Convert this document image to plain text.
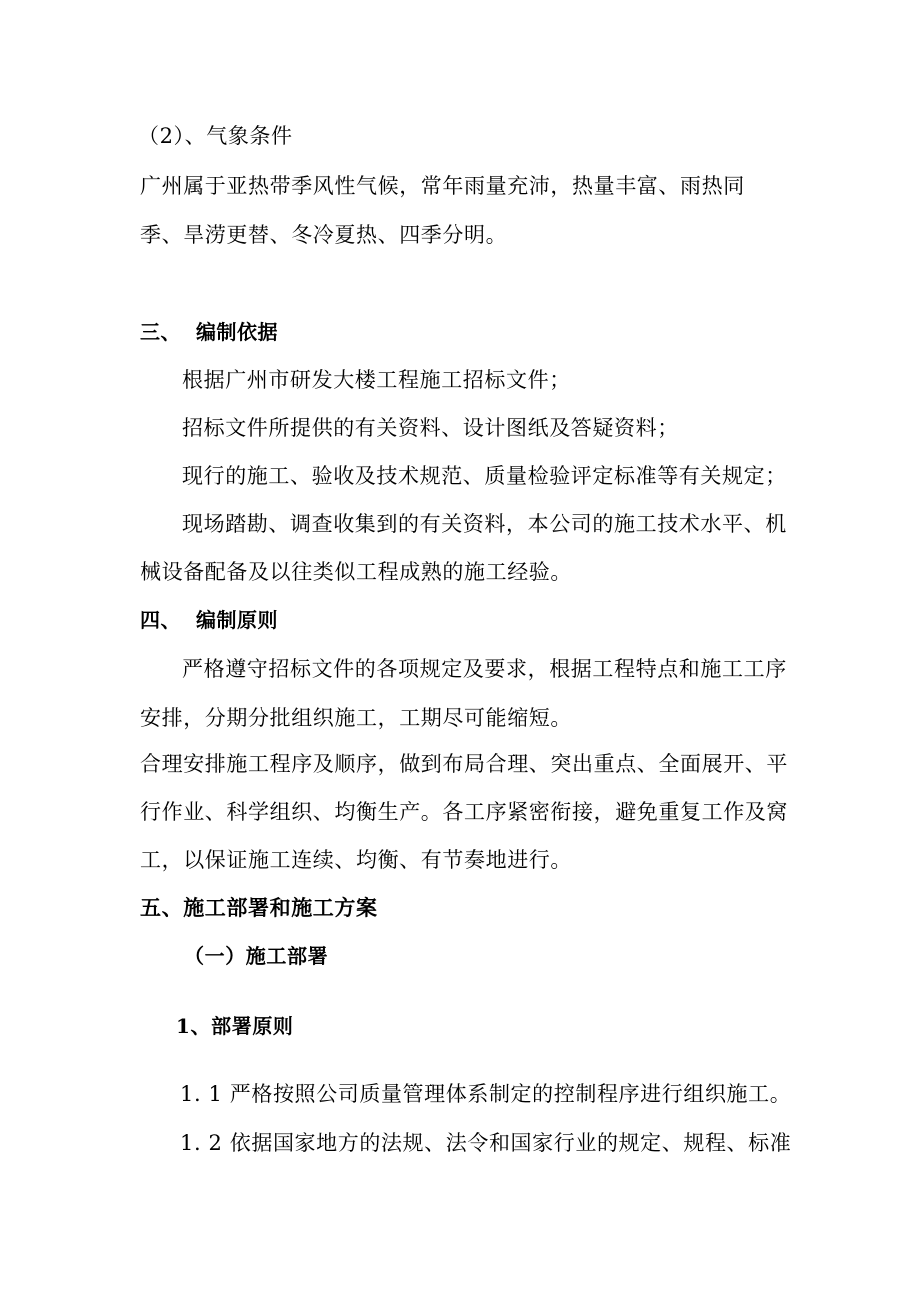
（2）、气象条件
广州属于亚热带季风性气候，常年雨量充沛，热量丰富、雨热同
季、旱涝更替、冬冷夏热、四季分明。
三、 编制依据
根据广州市研发大楼工程施工招标文件；
招标文件所提供的有关资料、设计图纸及答疑资料；
现行的施工、验收及技术规范、质量检验评定标准等有关规定；
现场踏勘、调查收集到的有关资料，本公司的施工技术水平、机
械设备配备及以往类似工程成熟的施工经验。
四、 编制原则
严格遵守招标文件的各项规定及要求，根据工程特点和施工工序
安排，分期分批组织施工，工期尽可能缩短。
合理安排施工程序及顺序，做到布局合理、突出重点、全面展开、平
行作业、科学组织、均衡生产。各工序紧密衔接，避免重复工作及窝
工，以保证施工连续、均衡、有节奏地进行。
五、施工部署和施工方案
（一）施工部署
1、部署原则
1. 1 严格按照公司质量管理体系制定的控制程序进行组织施工。
1. 2 依据国家地方的法规、法令和国家行业的规定、规程、标准
